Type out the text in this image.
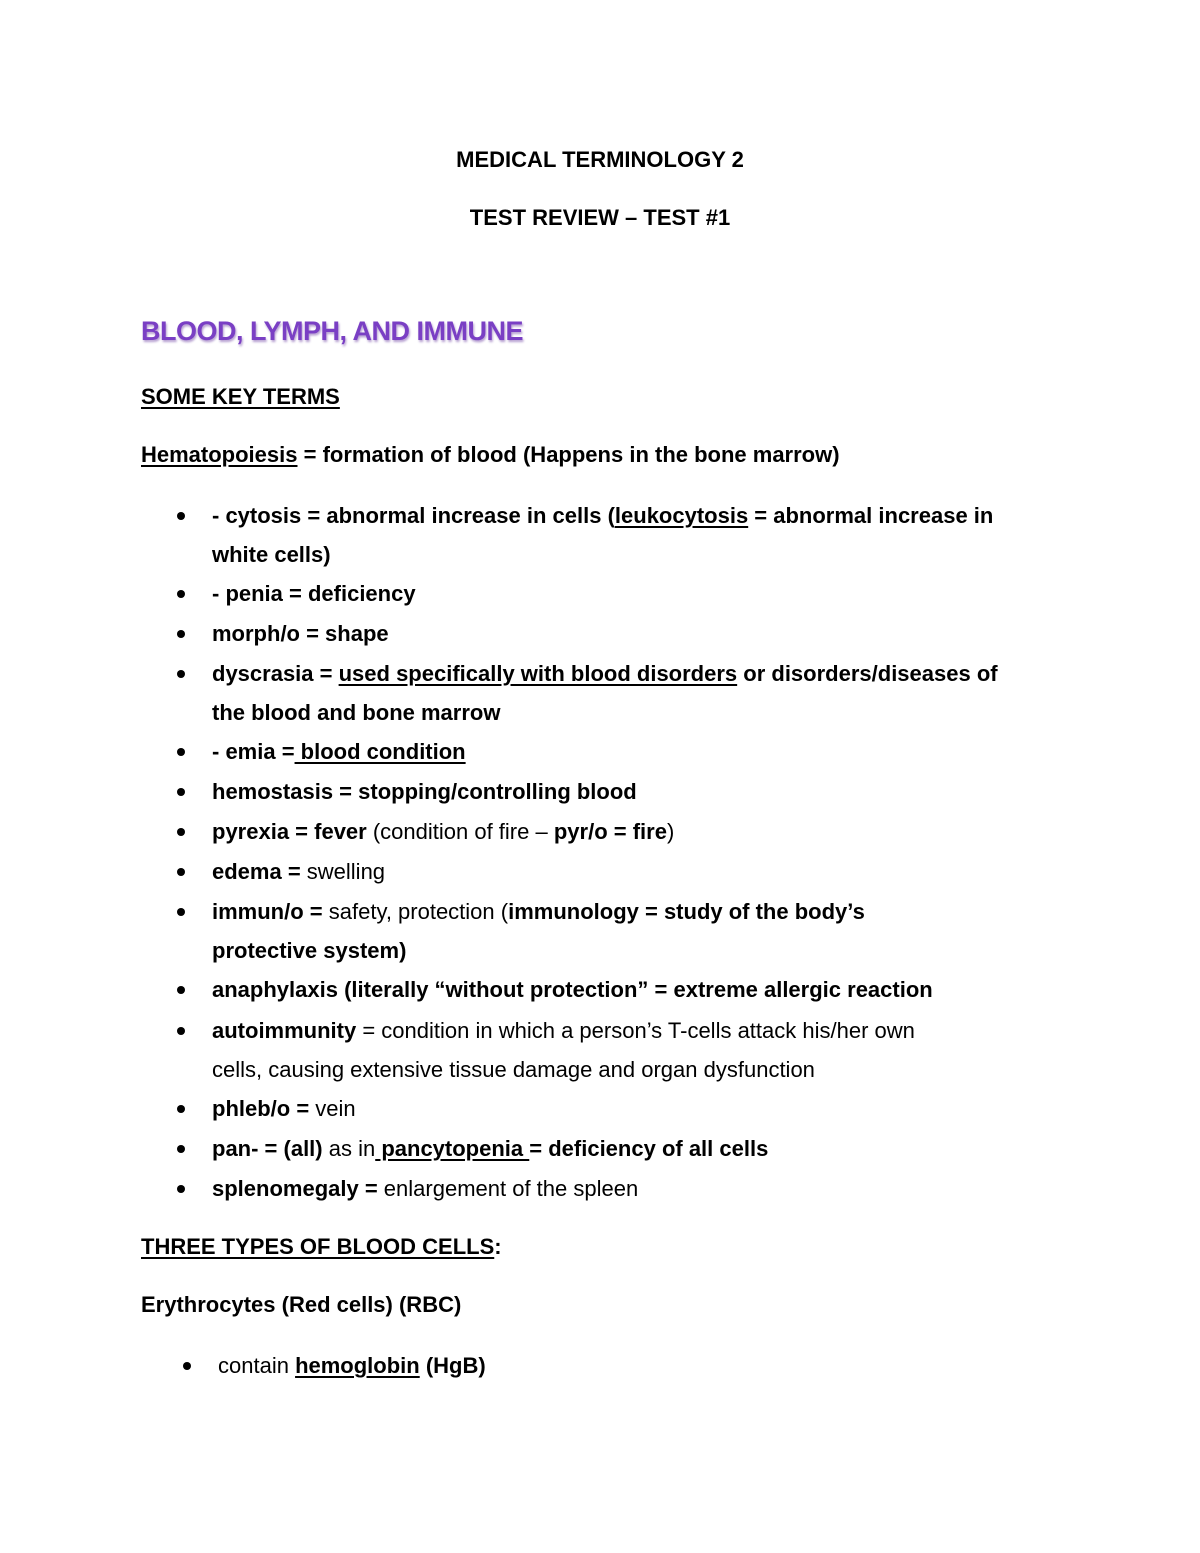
MEDICAL TERMINOLOGY 2
TEST REVIEW – TEST #1
BLOOD, LYMPH, AND IMMUNE
SOME KEY TERMS
Hematopoiesis = formation of blood (Happens in the bone marrow)
- cytosis = abnormal increase in cells (leukocytosis = abnormal increase in
white cells)
- penia = deficiency
morph/o = shape
dyscrasia = used specifically with blood disorders or disorders/diseases of
the blood and bone marrow
- emia = blood condition
hemostasis = stopping/controlling blood
pyrexia = fever (condition of fire – pyr/o = fire)
edema = swelling
immun/o = safety, protection (immunology = study of the body’s
protective system)
anaphylaxis (literally “without protection” = extreme allergic reaction
autoimmunity = condition in which a person’s T-cells attack his/her own
cells, causing extensive tissue damage and organ dysfunction
phleb/o = vein
pan- = (all) as in pancytopenia = deficiency of all cells
splenomegaly = enlargement of the spleen
THREE TYPES OF BLOOD CELLS:
Erythrocytes (Red cells) (RBC)
contain hemoglobin (HgB)
